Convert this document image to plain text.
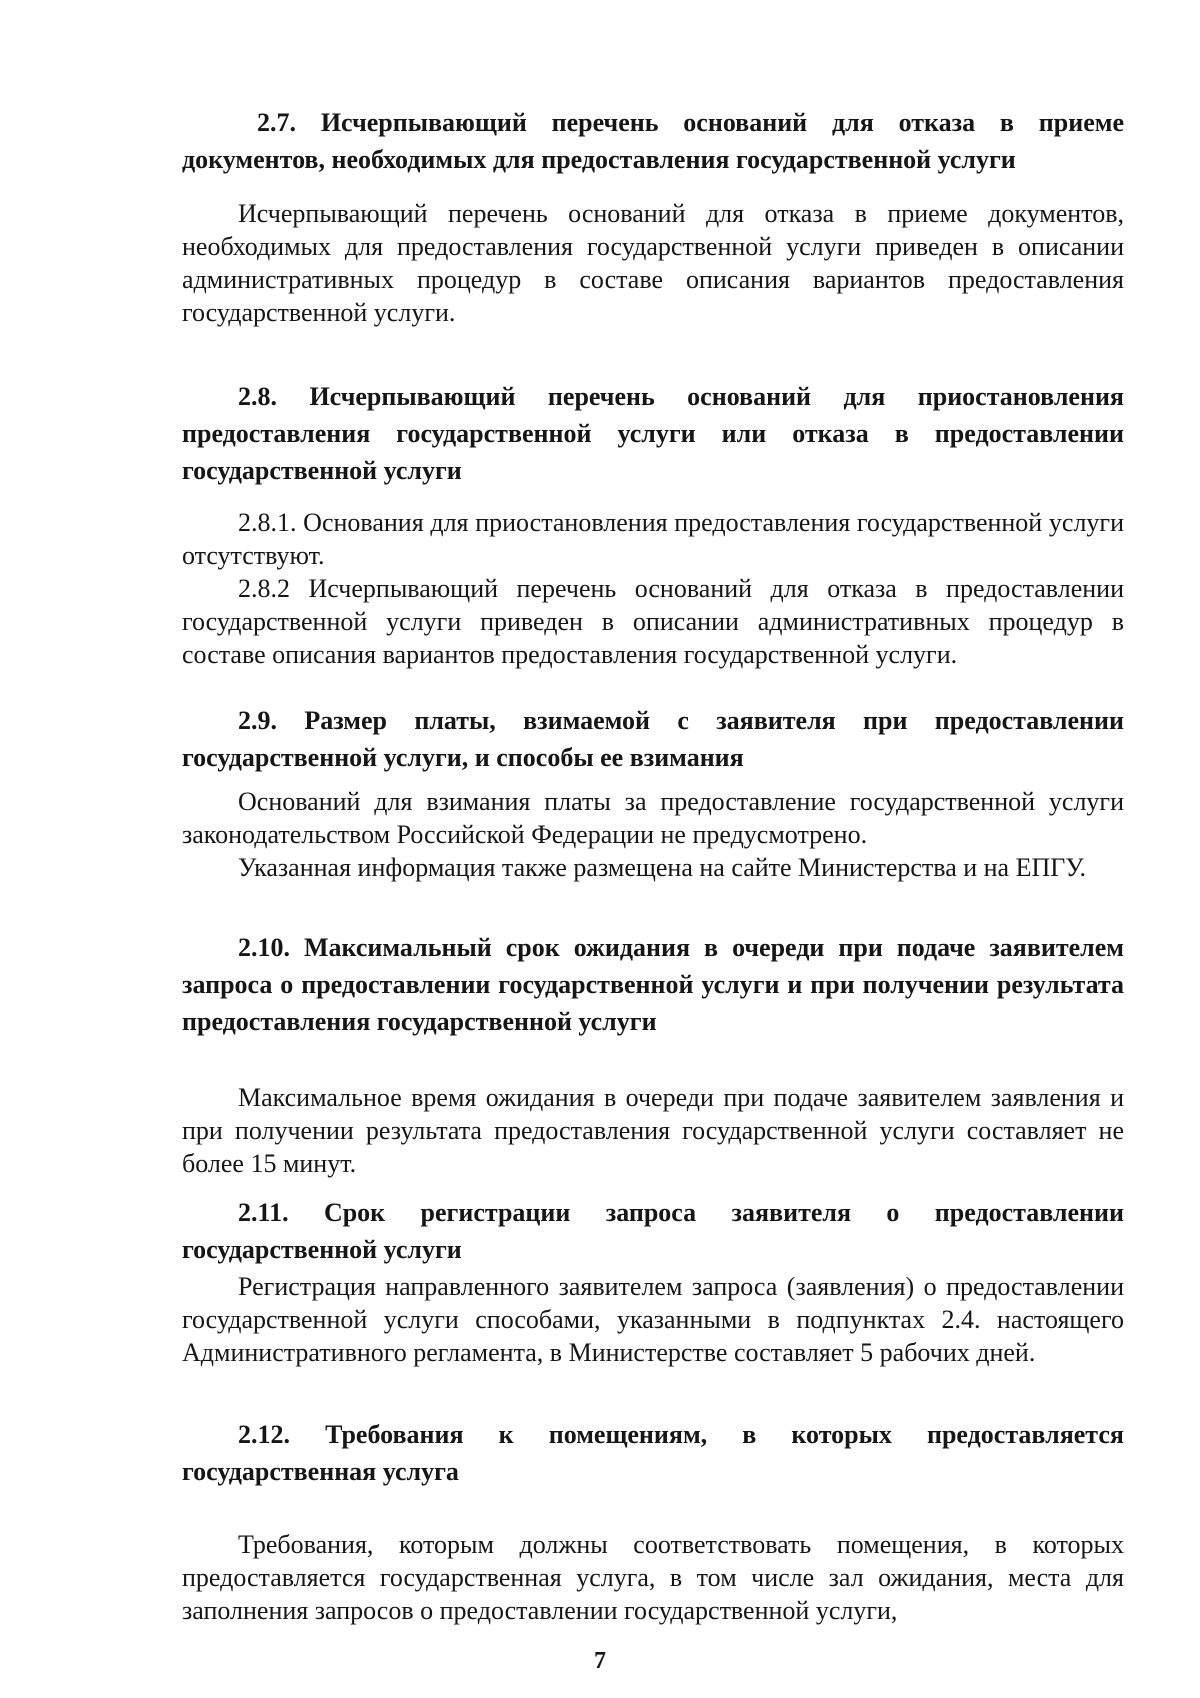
2.7. Исчерпывающий перечень оснований для отказа в приеме документов, необходимых для предоставления государственной услуги

Исчерпывающий перечень оснований для отказа в приеме документов, необходимых для предоставления государственной услуги приведен в описании административных процедур в составе описания вариантов предоставления государственной услуги.

2.8. Исчерпывающий перечень оснований для приостановления предоставления государственной услуги или отказа в предоставлении государственной услуги

2.8.1. Основания для приостановления предоставления государственной услуги отсутствуют.

2.8.2 Исчерпывающий перечень оснований для отказа в предоставлении государственной услуги приведен в описании административных процедур в составе описания вариантов предоставления государственной услуги.

2.9. Размер платы, взимаемой с заявителя при предоставлении государственной услуги, и способы ее взимания

Оснований для взимания платы за предоставление государственной услуги законодательством Российской Федерации не предусмотрено.

Указанная информация также размещена на сайте Министерства и на ЕПГУ.

2.10. Максимальный срок ожидания в очереди при подаче заявителем запроса о предоставлении государственной услуги и при получении результата предоставления государственной услуги

Максимальное время ожидания в очереди при подаче заявителем заявления и при получении результата предоставления государственной услуги составляет не более 15 минут.

2.11. Срок регистрации запроса заявителя о предоставлении государственной услуги

Регистрация направленного заявителем запроса (заявления) о предоставлении государственной услуги способами, указанными в подпунктах 2.4. настоящего Административного регламента, в Министерстве составляет 5 рабочих дней.

2.12. Требования к помещениям, в которых предоставляется государственная услуга

Требования, которым должны соответствовать помещения, в которых предоставляется государственная услуга, в том числе зал ожидания, места для заполнения запросов о предоставлении государственной услуги,

7
